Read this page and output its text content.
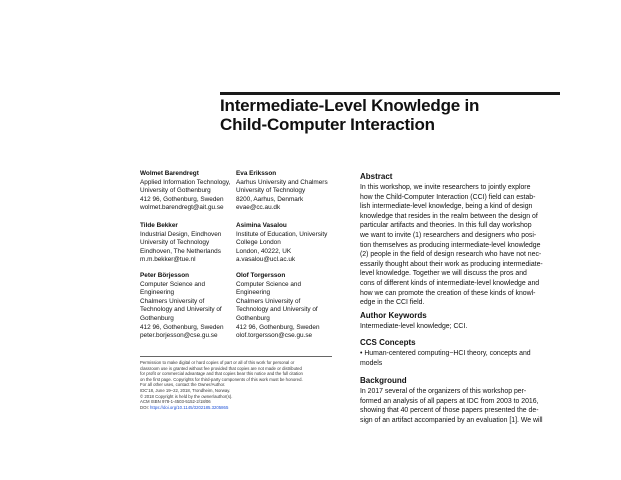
Intermediate-Level Knowledge in
Child-Computer Interaction
Wolmet Barendregt
Applied Information Technology,
University of Gothenburg
412 96, Gothenburg, Sweden
wolmet.barendregt@ait.gu.se
Eva Eriksson
Aarhus University and Chalmers
University of Technology
8200, Aarhus, Denmark
evae@cc.au.dk
Tilde Bekker
Industrial Design, Eindhoven
University of Technology
Eindhoven, The Netherlands
m.m.bekker@tue.nl
Asimina Vasalou
Institute of Education, University
College London
London, 40222, UK
a.vasalou@ucl.ac.uk
Peter Börjesson
Computer Science and
Engineering
Chalmers University of
Technology and University of
Gothenburg
412 96, Gothenburg, Sweden
peter.borjesson@cse.gu.se
Olof Torgersson
Computer Science and
Engineering
Chalmers University of
Technology and University of
Gothenburg
412 96, Gothenburg, Sweden
olof.torgersson@cse.gu.se
Permission to make digital or hard copies of part or all of this work for personal or
classroom use is granted without fee provided that copies are not made or distributed
for profit or commercial advantage and that copies bear this notice and the full citation
on the first page. Copyrights for third-party components of this work must be honored.
For all other uses, contact the Owner/Author.
IDC'18, June 19–22, 2018, Trondheim, Norway.
© 2018 Copyright is held by the owner/author(s).
ACM ISBN 978-1-4503-5152-2/18/06
DOI: https://doi.org/10.1145/3202185.3205865
Abstract
In this workshop, we invite researchers to jointly explore
how the Child-Computer Interaction (CCI) field can estab-
lish intermediate-level knowledge, being a kind of design
knowledge that resides in the realm between the design of
particular artifacts and theories. In this full day workshop
we want to invite (1) researchers and designers who posi-
tion themselves as producing intermediate-level knowledge
(2) people in the field of design research who have not nec-
essarily thought about their work as producing intermediate-
level knowledge. Together we will discuss the pros and
cons of different kinds of intermediate-level knowledge and
how we can promote the creation of these kinds of knowl-
edge in the CCI field.
Author Keywords
Intermediate-level knowledge; CCI.
CCS Concepts
• Human-centered computing~HCI theory, concepts and
models
Background
In 2017 several of the organizers of this workshop per-
formed an analysis of all papers at IDC from 2003 to 2016,
showing that 40 percent of those papers presented the de-
sign of an artifact accompanied by an evaluation [1]. We will
